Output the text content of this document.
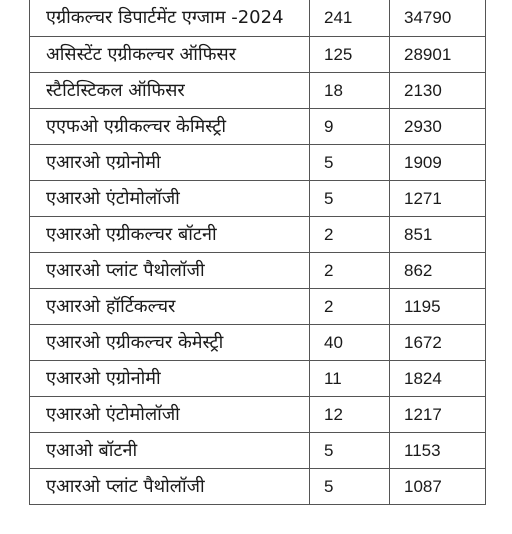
एग्रीकल्चर डिपार्टमेंट एग्जाम -2024	241	34790
असिस्टेंट एग्रीकल्चर ऑफिसर	125	28901
स्टैटिस्टिकल ऑफिसर	18	2130
एएफओ एग्रीकल्चर केमिस्ट्री	9	2930
एआरओ एग्रोनोमी	5	1909
एआरओ एंटोमोलॉजी	5	1271
एआरओ एग्रीकल्चर बॉटनी	2	851
एआरओ प्लांट पैथोलॉजी	2	862
एआरओ हॉर्टिकल्चर	2	1195
एआरओ एग्रीकल्चर केमेस्ट्री	40	1672
एआरओ एग्रोनोमी	11	1824
एआरओ एंटोमोलॉजी	12	1217
एआओ बॉटनी	5	1153
एआरओ प्लांट पैथोलॉजी	5	1087
